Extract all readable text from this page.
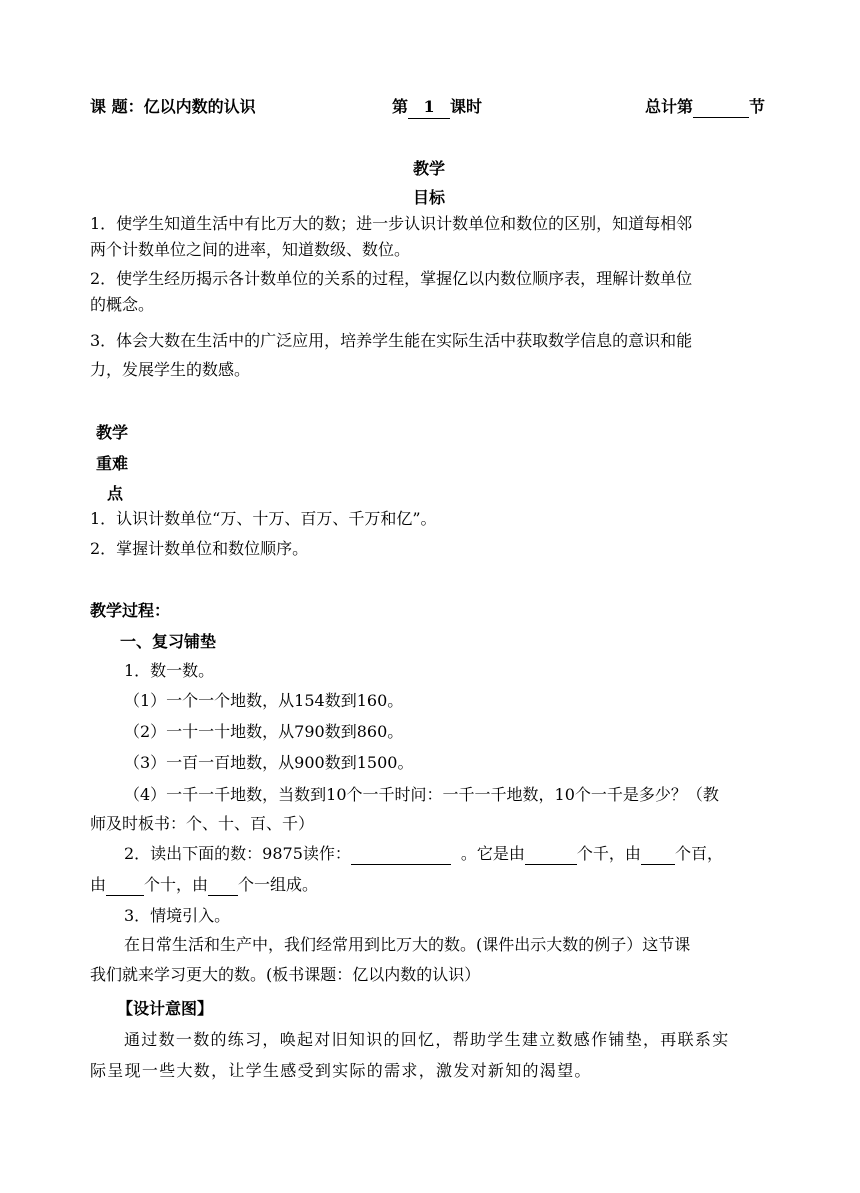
课 题：亿以内数的认识	第 1 课时	总计第	节
教学
目标
1．使学生知道生活中有比万大的数；进一步认识计数单位和数位的区别，知道每相邻
两个计数单位之间的进率，知道数级、数位。
2．使学生经历揭示各计数单位的关系的过程，掌握亿以内数位顺序表，理解计数单位
的概念。
3．体会大数在生活中的广泛应用，培养学生能在实际生活中获取数学信息的意识和能
力，发展学生的数感。
教学
重难
点
1．认识计数单位“万、十万、百万、千万和亿”。
2．掌握计数单位和数位顺序。
教学过程：
一、复习铺垫
1．数一数。
（1）一个一个地数，从154数到160。
（2）一十一十地数，从790数到860。
（3）一百一百地数，从900数到1500。
（4）一千一千地数，当数到10个一千时问：一千一千地数，10个一千是多少？（教
师及时板书：个、十、百、千）
2．读出下面的数：9875读作：	。它是由	个千，由 个百，
由 个十，由 个一组成。
3．情境引入。
在日常生活和生产中，我们经常用到比万大的数。(课件出示大数的例子）这节课
我们就来学习更大的数。(板书课题：亿以内数的认识）
【设计意图】
通过数一数的练习，唤起对旧知识的回忆，帮助学生建立数感作铺垫，再联系实
际呈现一些大数，让学生感受到实际的需求，激发对新知的渴望。
